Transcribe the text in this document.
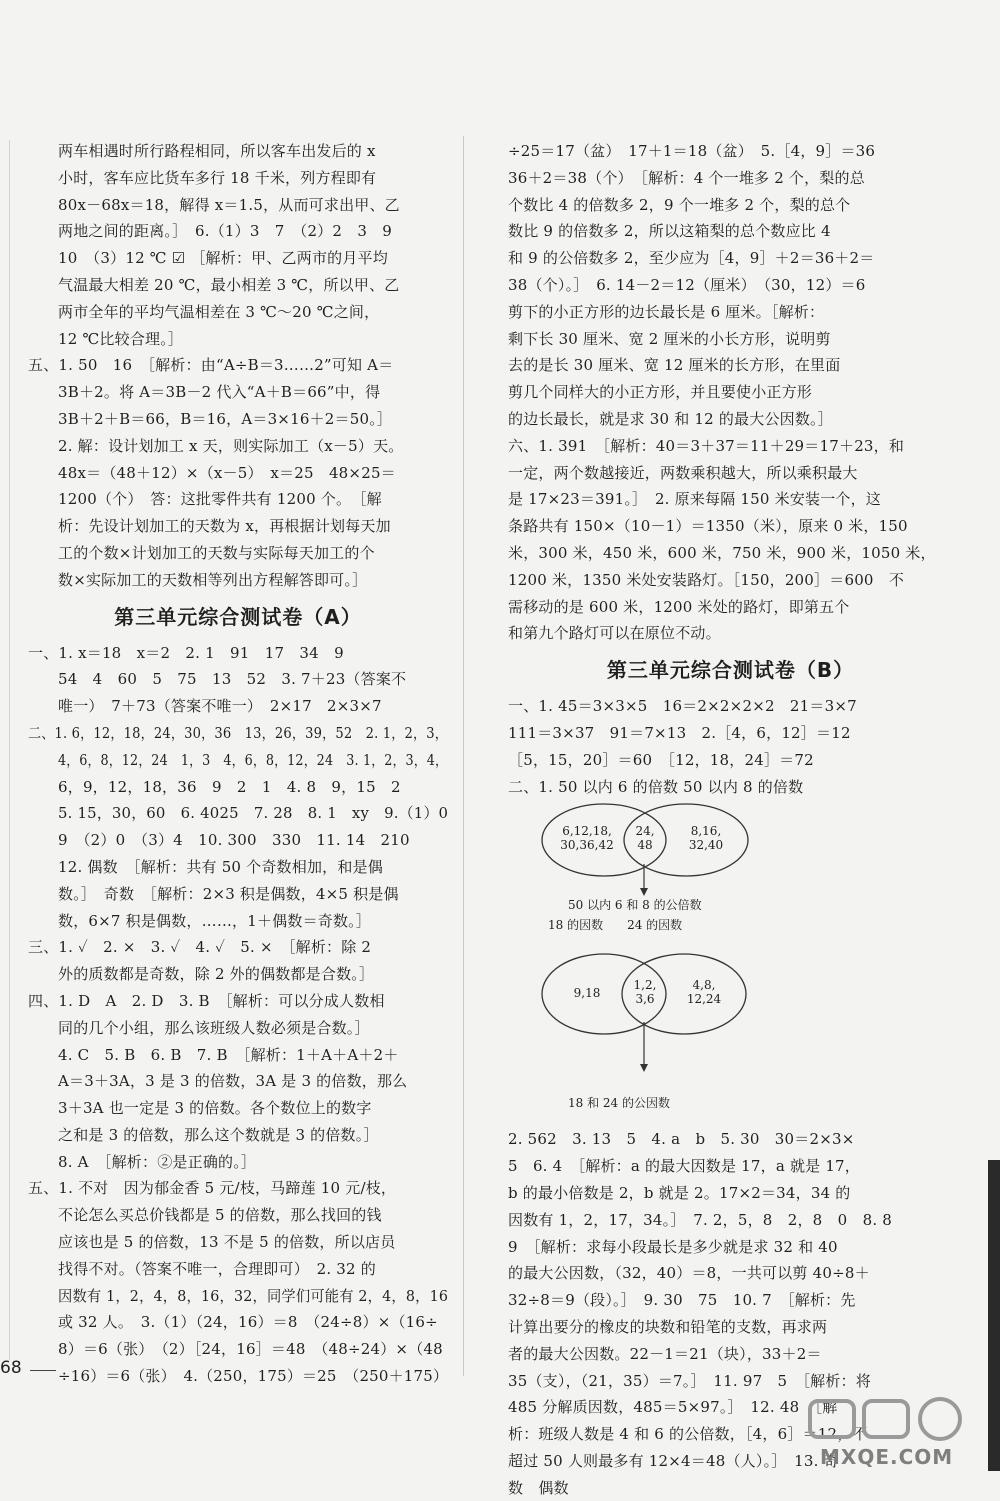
两车相遇时所行路程相同，所以客车出发后的 x
小时，客车应比货车多行 18 千米，列方程即有
80x－68x＝18，解得 x＝1.5，从而可求出甲、乙
两地之间的距离。］　6.（1）3　7　（2）2　3　9
10　（3）12 ℃ ☑ ［解析：甲、乙两市的月平均
气温最大相差 20 ℃，最小相差 3 ℃，所以甲、乙
两市全年的平均气温相差在 3 ℃～20 ℃之间，
12 ℃比较合理。］
五、1. 50　16　［解析：由“A÷B＝3……2”可知 A＝
3B＋2。将 A＝3B－2 代入“A＋B＝66”中，得
3B＋2＋B＝66，B＝16，A＝3×16＋2＝50。］
2. 解：设计划加工 x 天，则实际加工（x－5）天。
48x＝（48＋12）×（x－5）　x＝25　48×25＝
1200（个）　答：这批零件共有 1200 个。　［解
析：先设计划加工的天数为 x，再根据计划每天加
工的个数×计划加工的天数与实际每天加工的个
数×实际加工的天数相等列出方程解答即可。］
第三单元综合测试卷（A）
一、1. x＝18　x＝2　2. 1　91　17　34　9
54　4　60　5　75　13　52　3. 7＋23（答案不
唯一）　7＋73（答案不唯一）　2×17　2×3×7
二、1. 6，12，18，24，30，36　13，26，39，52　2. 1，2，3，
4，6，8，12，24　1，3　4，6，8，12，24　3. 1，2，3，4，
6，9，12，18，36　9　2　1　4. 8　9，15　2
5. 15，30，60　6. 4025　7. 28　8. 1　xy　9.（1）0
9　（2）0　（3）4　10. 300　330　11. 14　210
12. 偶数　［解析：共有 50 个奇数相加，和是偶
数。］　奇数　［解析：2×3 积是偶数，4×5 积是偶
数，6×7 积是偶数，……，1＋偶数＝奇数。］
三、1. ✓　2. ×　3. ✓　4. ✓　5. ×　［解析：除 2
外的质数都是奇数，除 2 外的偶数都是合数。］
四、1. D　A　2. D　3. B　［解析：可以分成人数相
同的几个小组，那么该班级人数必须是合数。］
4. C　5. B　6. B　7. B　［解析：1＋A＋A＋2＋
A＝3＋3A，3 是 3 的倍数，3A 是 3 的倍数，那么
3＋3A 也一定是 3 的倍数。各个数位上的数字
之和是 3 的倍数，那么这个数就是 3 的倍数。］
8. A　［解析：②是正确的。］
五、1. 不对　因为郁金香 5 元/枝，马蹄莲 10 元/枝，
不论怎么买总价钱都是 5 的倍数，那么找回的钱
应该也是 5 的倍数，13 不是 5 的倍数，所以店员
找得不对。（答案不唯一，合理即可）　2. 32 的
因数有 1，2，4，8，16，32，同学们可能有 2，4，8，16
或 32 人。　3.（1）（24，16）＝8　（24÷8）×（16÷
8）＝6（张）　（2）［24，16］＝48　（48÷24）×（48
÷16）＝6（张）　4.（250，175）＝25　（250＋175）
÷25＝17（盆）　17＋1＝18（盆）　5.［4，9］＝36
36＋2＝38（个）　［解析：4 个一堆多 2 个，梨的总
个数比 4 的倍数多 2，9 个一堆多 2 个，梨的总个
数比 9 的倍数多 2，所以这箱梨的总个数应比 4
和 9 的公倍数多 2，至少应为［4，9］＋2＝36＋2＝
38（个）。］　6. 14－2＝12（厘米）　（30，12）＝6
剪下的小正方形的边长最长是 6 厘米。［解析：
剩下长 30 厘米、宽 2 厘米的小长方形，说明剪
去的是长 30 厘米、宽 12 厘米的长方形，在里面
剪几个同样大的小正方形，并且要使小正方形
的边长最长，就是求 30 和 12 的最大公因数。］
六、1. 391　［解析：40＝3＋37＝11＋29＝17＋23，和
一定，两个数越接近，两数乘积越大，所以乘积最大
是 17×23＝391。］　2. 原来每隔 150 米安装一个，这
条路共有 150×（10－1）＝1350（米），原来 0 米，150
米，300 米，450 米，600 米，750 米，900 米，1050 米，
1200 米，1350 米处安装路灯。［150，200］＝600　不
需移动的是 600 米，1200 米处的路灯，即第五个
和第九个路灯可以在原位不动。
第三单元综合测试卷（B）
一、1. 45＝3×3×5　16＝2×2×2×2　21＝3×7
111＝3×37　91＝7×13　2.［4，6，12］＝12
［5，15，20］＝60　［12，18，24］＝72
二、1. 50 以内 6 的倍数 50 以内 8 的倍数
6,12,18,
30,36,42
24,
48
8,16,
32,40
50 以内 6 和 8 的公倍数
18 的因数　　24 的因数
9,18
1,2,
3,6
4,8,
12,24
18 和 24 的公因数
2. 562　3. 13　5　4. a　b　5. 30　30＝2×3×
5　6. 4　［解析：a 的最大因数是 17，a 就是 17，
b 的最小倍数是 2，b 就是 2。17×2＝34，34 的
因数有 1，2，17，34。］　7. 2，5，8　2，8　0　8. 8
9　［解析：求每小段最长是多少就是求 32 和 40
的最大公因数，（32，40）＝8，一共可以剪 40÷8＋
32÷8＝9（段）。］　9. 30　75　10. 7　［解析：先
计算出要分的橡皮的块数和铅笔的支数，再求两
者的最大公因数。22－1＝21（块），33＋2＝
35（支），（21，35）＝7。］　11. 97　5　［解析：将
485 分解质因数，485＝5×97。］　12. 48　［解
析：班级人数是 4 和 6 的公倍数，［4，6］＝12，不
超过 50 人则最多有 12×4＝48（人）。］　13. 奇
数　偶数
68
MXQE.COM
